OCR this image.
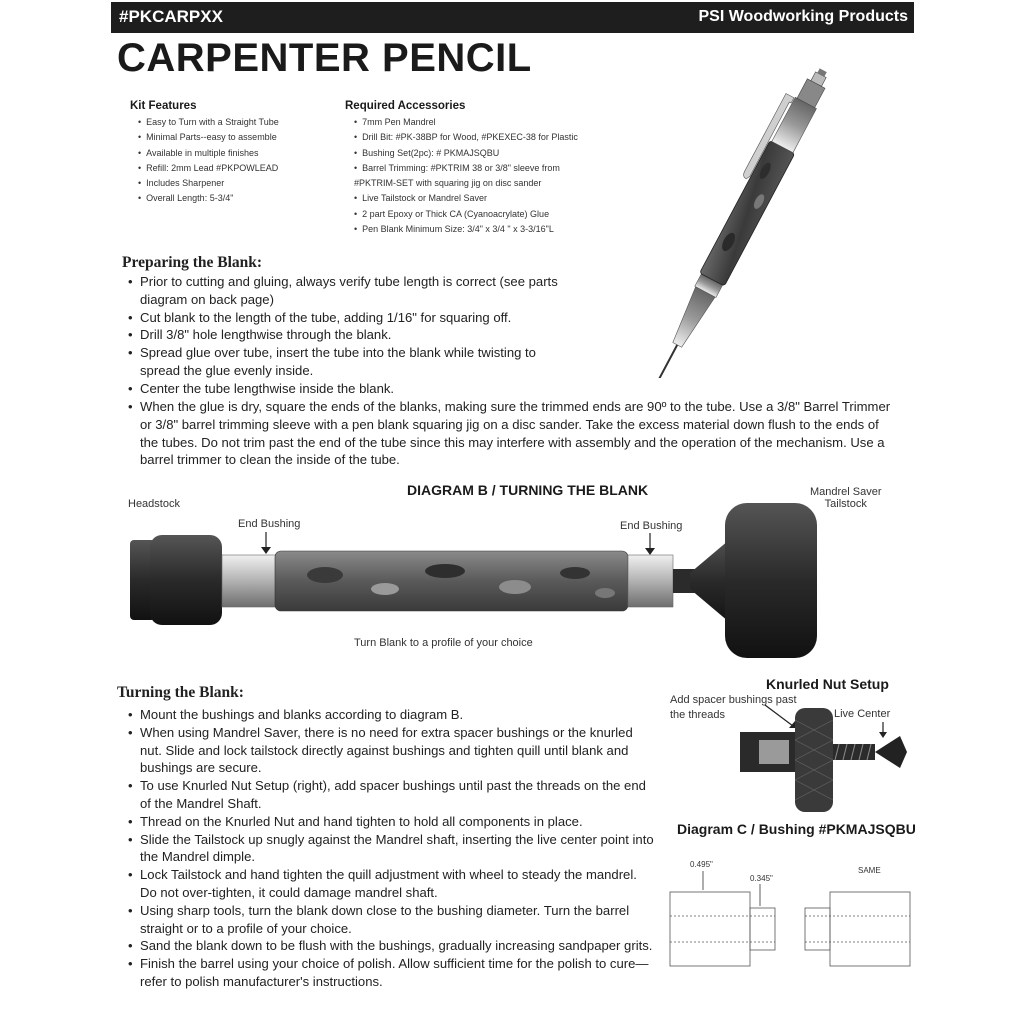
#PKCARPXX	PSI Woodworking Products
CARPENTER PENCIL
Kit Features
• Easy to Turn with a Straight Tube
• Minimal Parts--easy to assemble
• Available in multiple finishes
• Refill: 2mm Lead #PKPOWLEAD
• Includes Sharpener
• Overall Length: 5-3/4"
Required Accessories
• 7mm Pen Mandrel
• Drill Bit: #PK-38BP for Wood, #PKEXEC-38 for Plastic
• Bushing Set(2pc): # PKMAJSQBU
• Barrel Trimming: #PKTRIM 38 or 3/8" sleeve from #PKTRIM-SET with squaring jig on disc sander
• Live Tailstock or Mandrel Saver
• 2 part Epoxy or Thick CA (Cyanoacrylate) Glue
• Pen Blank Minimum Size: 3/4" x 3/4 " x 3-3/16"L
Preparing the Blank:
• Prior to cutting and gluing, always verify tube length is correct (see parts diagram on back page)
• Cut blank to the length of the tube, adding 1/16" for squaring off.
• Drill 3/8" hole lengthwise through the blank.
• Spread glue over tube, insert the tube into the blank while twisting to spread the glue evenly inside.
• Center the tube lengthwise inside the blank.
• When the glue is dry, square the ends of the blanks, making sure the trimmed ends are 90º to the tube. Use a 3/8" Barrel Trimmer or 3/8" barrel trimming sleeve with a pen blank squaring jig on a disc sander. Take the excess material down flush to the ends of the tubes. Do not trim past the end of the tube since this may interfere with assembly and the operation of the mechanism. Use a barrel trimmer to clean the inside of the tube.
DIAGRAM B / TURNING THE BLANK
Headstock
End Bushing	End Bushing
Mandrel Saver
Tailstock
Turn Blank to a profile of your choice
Turning the Blank:
• Mount the bushings and blanks according to diagram B.
• When using Mandrel Saver, there is no need for extra spacer bushings or the knurled nut. Slide and lock tailstock directly against bushings and tighten quill until blank and bushings are secure.
• To use Knurled Nut Setup (right), add spacer bushings until past the threads on the end of the Mandrel Shaft.
• Thread on the Knurled Nut and hand tighten to hold all components in place.
• Slide the Tailstock up snugly against the Mandrel shaft, inserting the live center point into the Mandrel dimple.
• Lock Tailstock and hand tighten the quill adjustment with wheel to steady the mandrel. Do not over-tighten, it could damage mandrel shaft.
• Using sharp tools, turn the blank down close to the bushing diameter. Turn the barrel straight or to a profile of your choice.
• Sand the blank down to be flush with the bushings, gradually increasing sandpaper grits.
• Finish the barrel using your choice of polish. Allow sufficient time for the polish to cure—refer to polish manufacturer's instructions.
Knurled Nut Setup
Add spacer bushings past
the threads	Live Center
Diagram C / Bushing #PKMAJSQBU
0.495"
0.345"
SAME
